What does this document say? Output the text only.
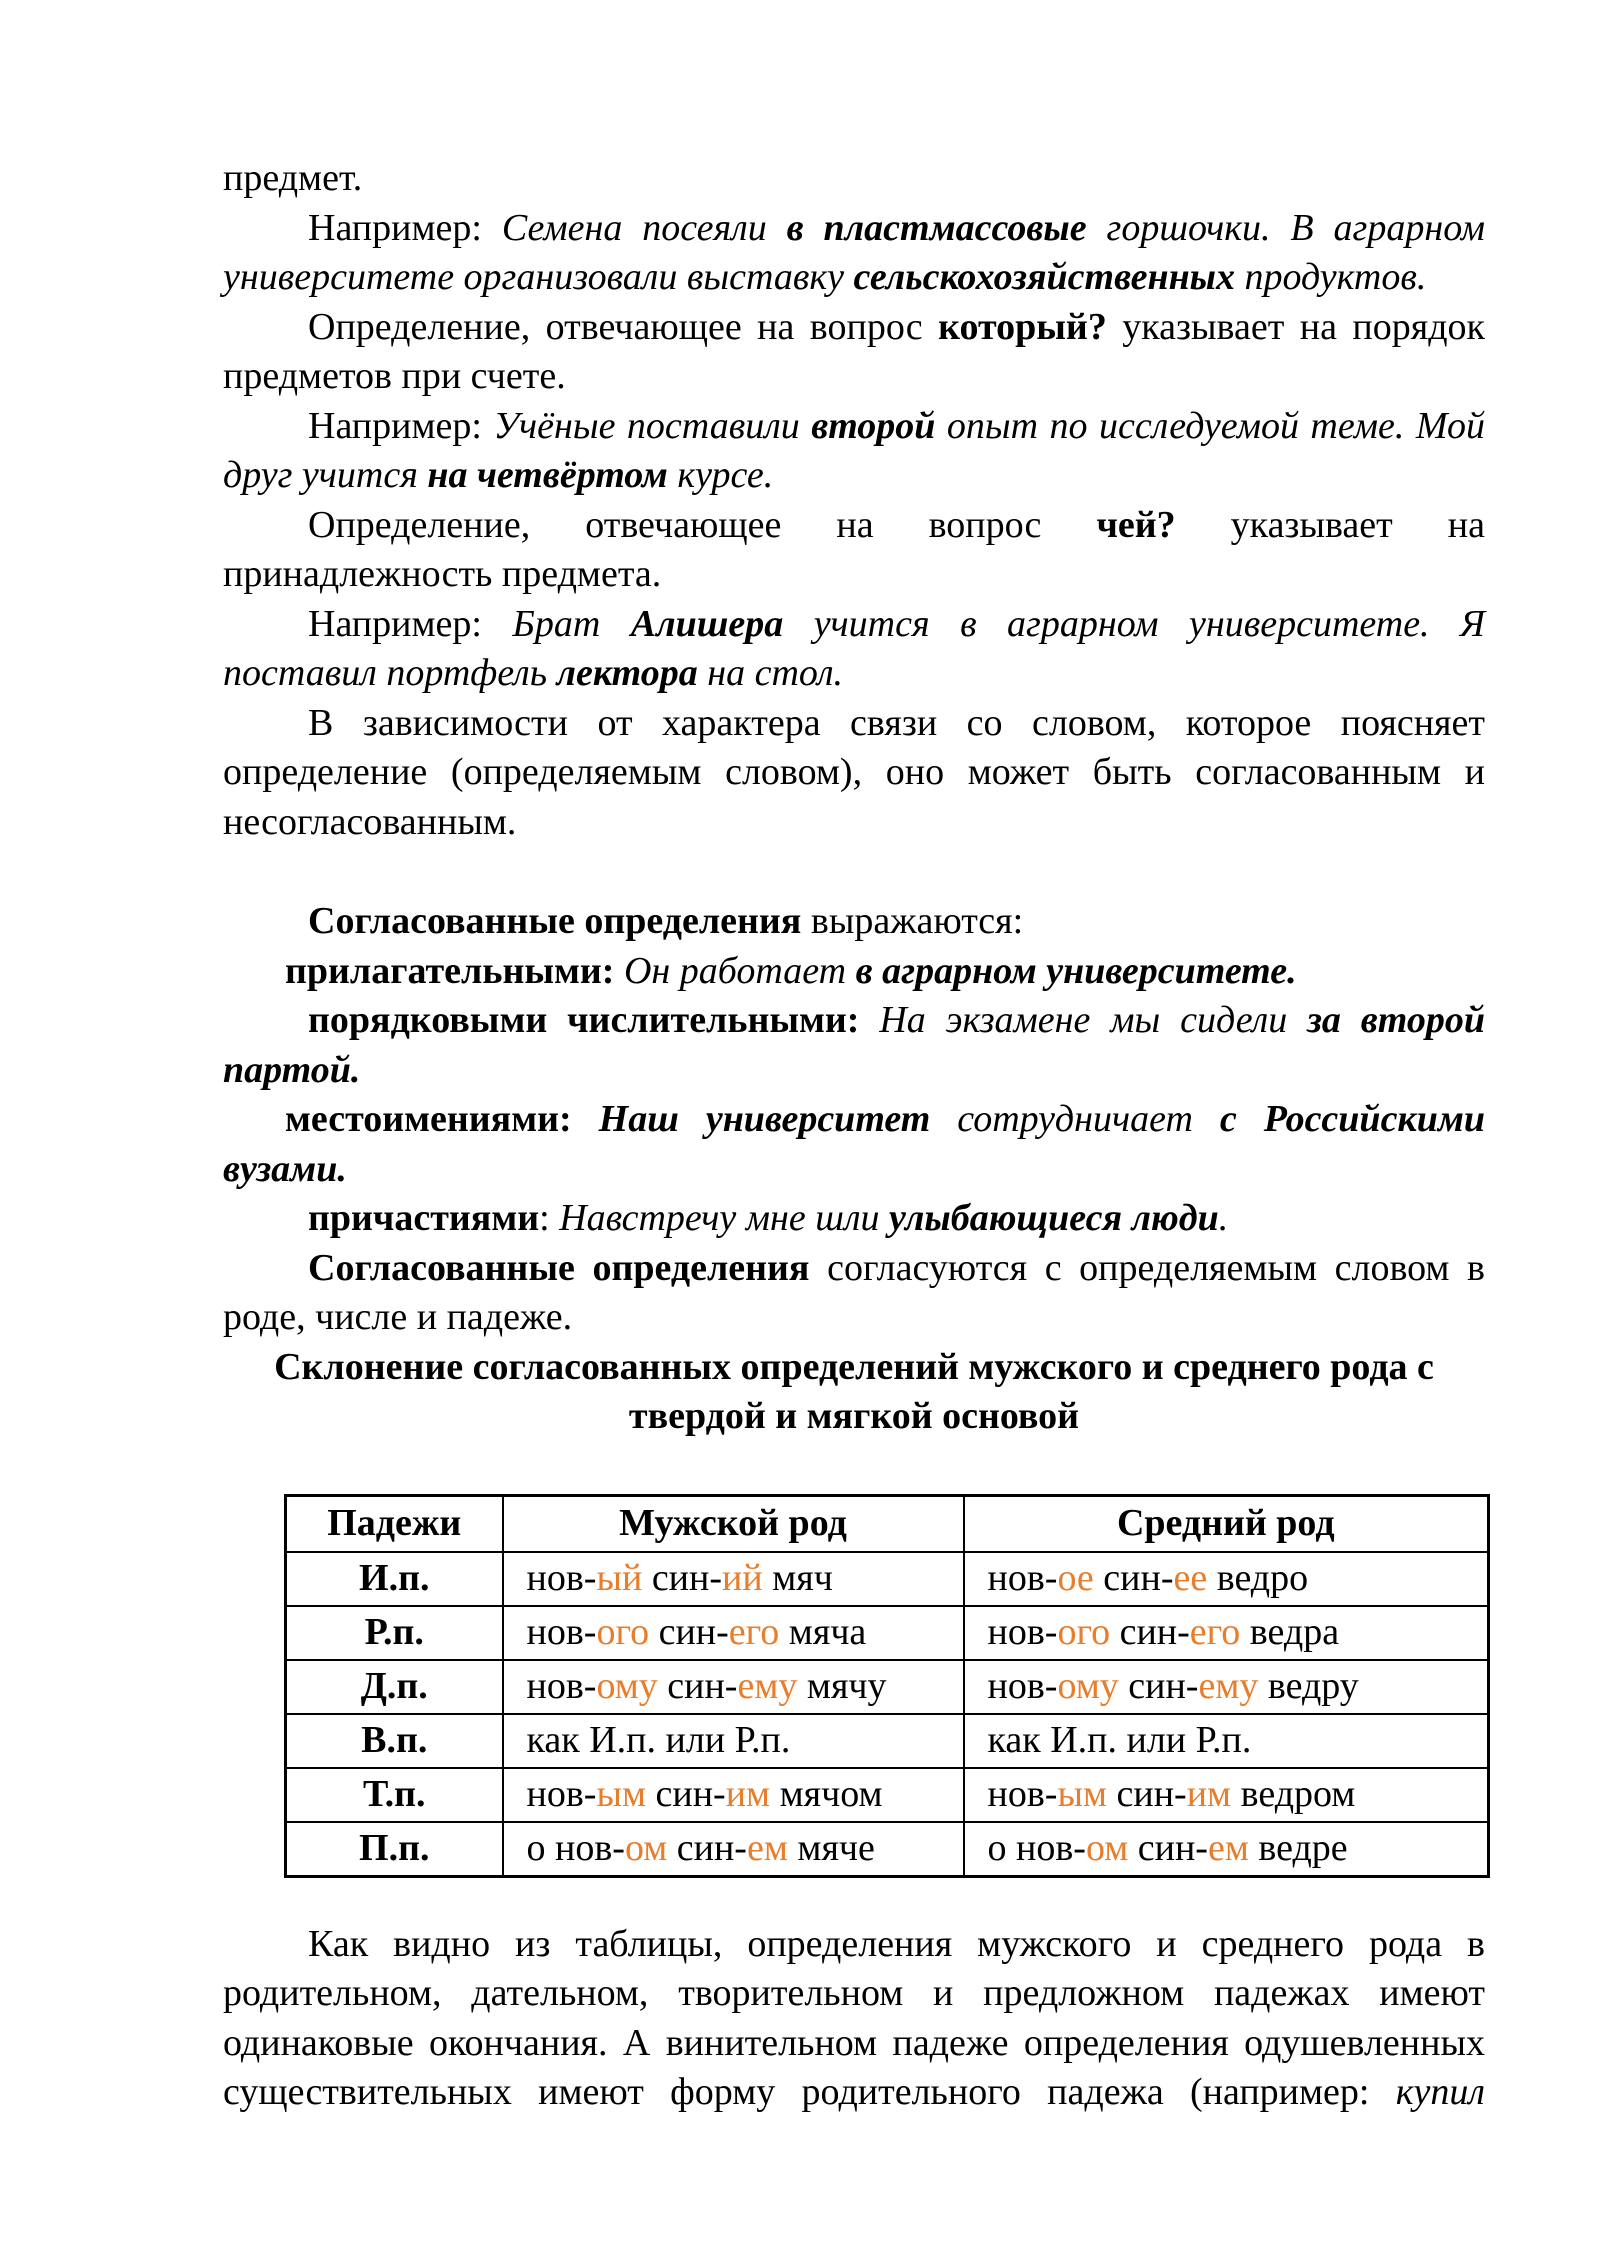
предмет.

Например: Семена посеяли в пластмассовые горшочки. В аграрном университете организовали выставку сельскохозяйственных продуктов.

Определение, отвечающее на вопрос который? указывает на порядок предметов при счете.

Например: Учёные поставили второй опыт по исследуемой теме. Мой друг учится на четвёртом курсе.

Определение, отвечающее на вопрос чей? указывает на принадлежность предмета.

Например: Брат Алишера учится в аграрном университете. Я поставил портфель лектора на стол.

В зависимости от характера связи со словом, которое поясняет определение (определяемым словом), оно может быть согласованным и несогласованным.

Согласованные определения выражаются:

прилагательными: Он работает в аграрном университете.

порядковыми числительными: На экзамене мы сидели за второй партой.

местоимениями: Наш университет сотрудничает с Российскими вузами.

причастиями: Навстречу мне шли улыбающиеся люди.

Согласованные определения согласуются с определяемым словом в роде, числе и падеже.

Склонение согласованных определений мужского и среднего рода с
твердой и мягкой основой

Падежи	Мужской род	Средний род
И.п.	нов-ый син-ий мяч	нов-ое син-ее ведро
Р.п.	нов-ого син-его мяча	нов-ого син-его ведра
Д.п.	нов-ому син-ему мячу	нов-ому син-ему ведру
В.п.	как И.п. или Р.п.	как И.п. или Р.п.
Т.п.	нов-ым син-им мячом	нов-ым син-им ведром
П.п.	о нов-ом син-ем мяче	о нов-ом син-ем ведре

Как видно из таблицы, определения мужского и среднего рода в родительном, дательном, творительном и предложном падежах имеют одинаковые окончания. А винительном падеже определения одушевленных существительных имеют форму родительного падежа (например: купил
